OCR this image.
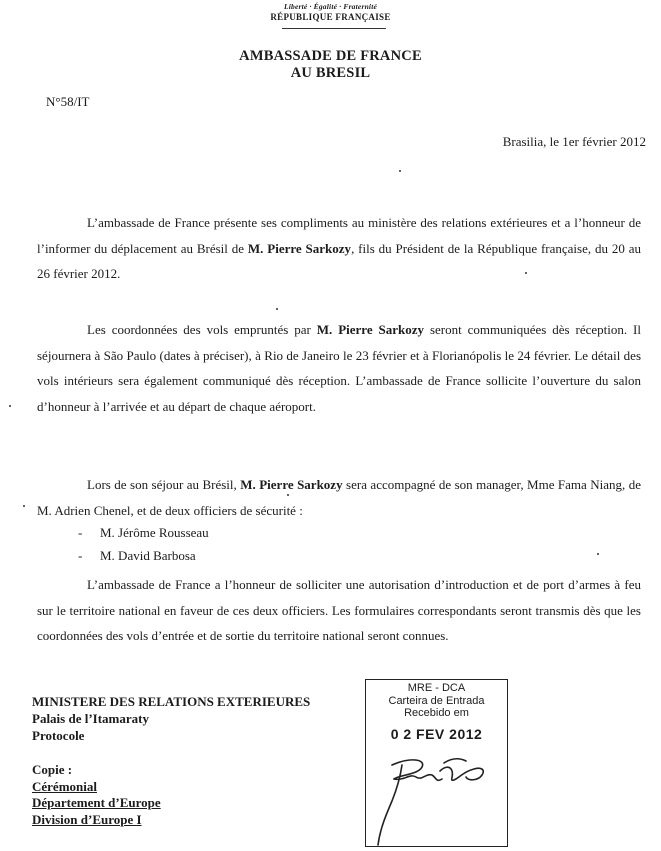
Liberté · Égalité · Fraternité
RÉPUBLIQUE FRANÇAISE
AMBASSADE DE FRANCE
AU BRESIL
N°58/IT
Brasilia, le 1er février 2012

L’ambassade de France présente ses compliments au ministère des relations extérieures et a l’honneur de l’informer du déplacement au Brésil de M. Pierre Sarkozy, fils du Président de la République française, du 20 au 26 février 2012.

Les coordonnées des vols empruntés par M. Pierre Sarkozy seront communiquées dès réception. Il séjournera à São Paulo (dates à préciser), à Rio de Janeiro le 23 février et à Florianópolis le 24 février. Le détail des vols intérieurs sera également communiqué dès réception. L’ambassade de France sollicite l’ouverture du salon d’honneur à l’arrivée et au départ de chaque aéroport.

Lors de son séjour au Brésil, M. Pierre Sarkozy sera accompagné de son manager, Mme Fama Niang, de M. Adrien Chenel, et de deux officiers de sécurité :

- M. Jérôme Rousseau
- M. David Barbosa

L’ambassade de France a l’honneur de solliciter une autorisation d’introduction et de port d’armes à feu sur le territoire national en faveur de ces deux officiers. Les formulaires correspondants seront transmis dès que les coordonnées des vols d’entrée et de sortie du territoire national seront connues.

MINISTERE DES RELATIONS EXTERIEURES
Palais de l’Itamaraty
Protocole
Copie :
Cérémonial
Département d’Europe
Division d’Europe I
MRE - DCA
Carteira de Entrada
Recebido em
0 2 FEV 2012
